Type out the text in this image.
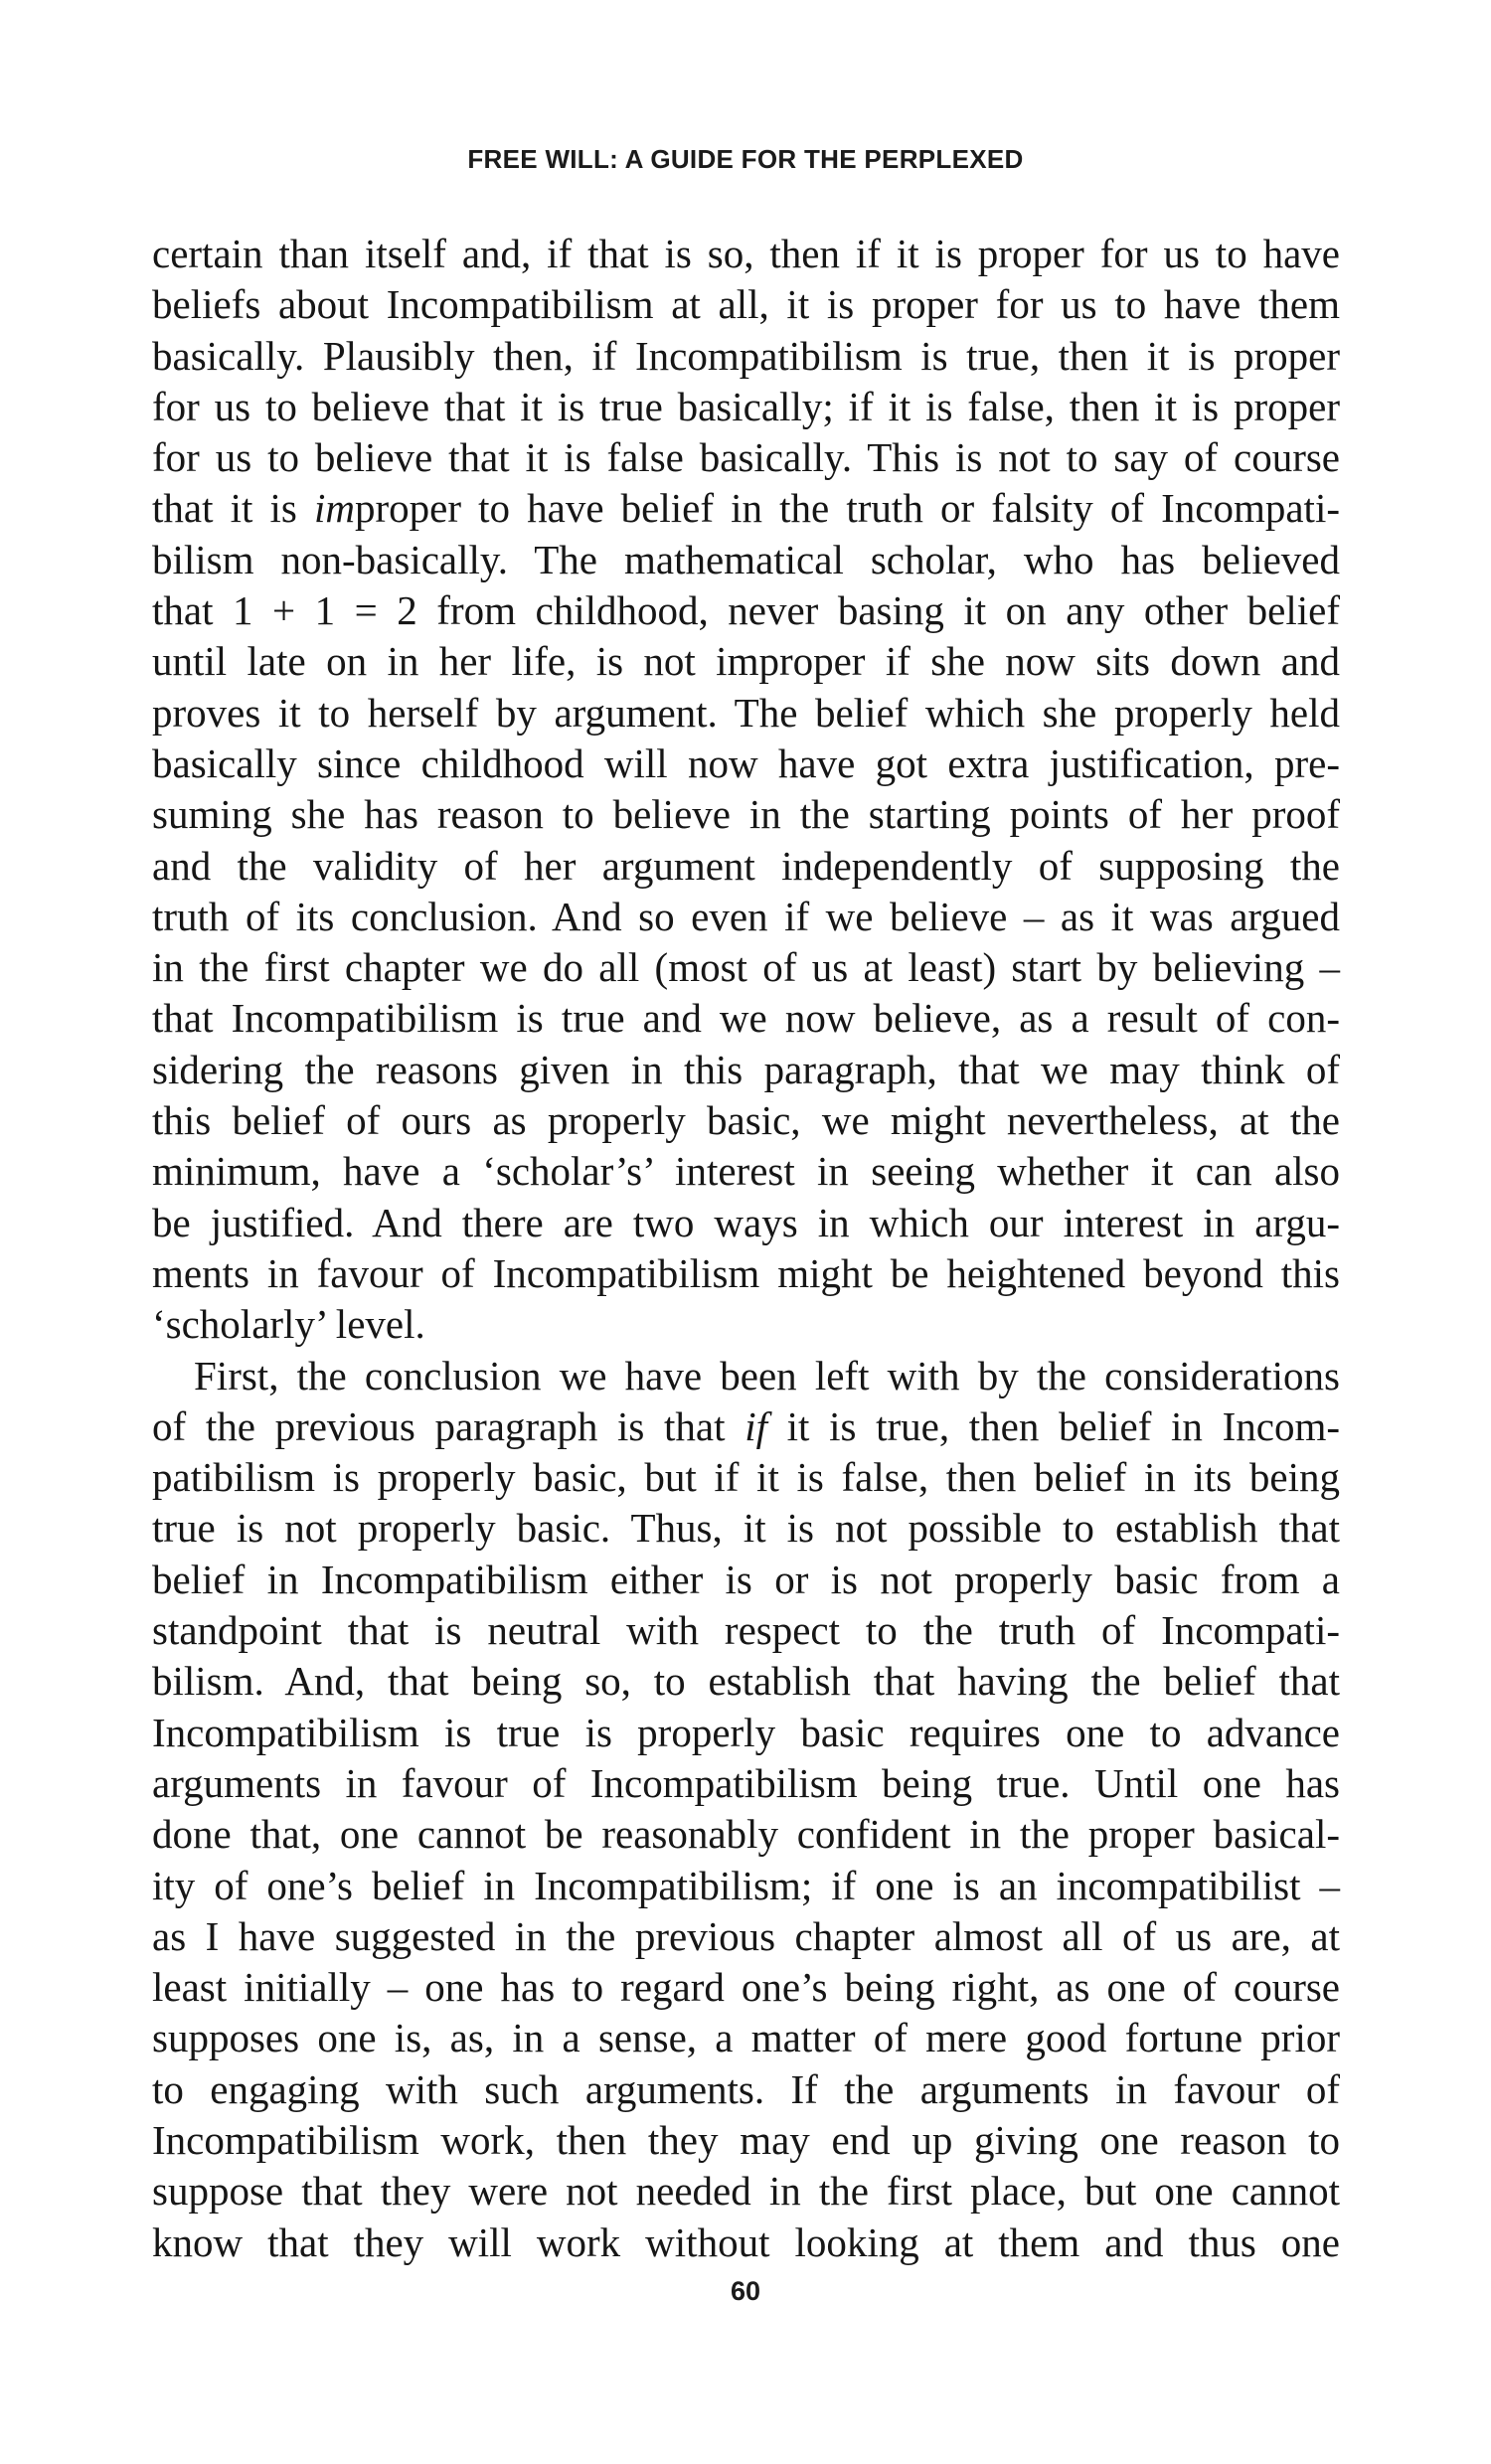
FREE WILL: A GUIDE FOR THE PERPLEXED
certain than itself and, if that is so, then if it is proper for us to have
beliefs about Incompatibilism at all, it is proper for us to have them
basically. Plausibly then, if Incompatibilism is true, then it is proper
for us to believe that it is true basically; if it is false, then it is proper
for us to believe that it is false basically. This is not to say of course
that it is improper to have belief in the truth or falsity of Incompati-
bilism non-basically. The mathematical scholar, who has believed
that 1 + 1 = 2 from childhood, never basing it on any other belief
until late on in her life, is not improper if she now sits down and
proves it to herself by argument. The belief which she properly held
basically since childhood will now have got extra justification, pre-
suming she has reason to believe in the starting points of her proof
and the validity of her argument independently of supposing the
truth of its conclusion. And so even if we believe – as it was argued
in the first chapter we do all (most of us at least) start by believing –
that Incompatibilism is true and we now believe, as a result of con-
sidering the reasons given in this paragraph, that we may think of
this belief of ours as properly basic, we might nevertheless, at the
minimum, have a ‘scholar’s’ interest in seeing whether it can also
be justified. And there are two ways in which our interest in argu-
ments in favour of Incompatibilism might be heightened beyond this
‘scholarly’ level.
First, the conclusion we have been left with by the considerations
of the previous paragraph is that if it is true, then belief in Incom-
patibilism is properly basic, but if it is false, then belief in its being
true is not properly basic. Thus, it is not possible to establish that
belief in Incompatibilism either is or is not properly basic from a
standpoint that is neutral with respect to the truth of Incompati-
bilism. And, that being so, to establish that having the belief that
Incompatibilism is true is properly basic requires one to advance
arguments in favour of Incompatibilism being true. Until one has
done that, one cannot be reasonably confident in the proper basical-
ity of one’s belief in Incompatibilism; if one is an incompatibilist –
as I have suggested in the previous chapter almost all of us are, at
least initially – one has to regard one’s being right, as one of course
supposes one is, as, in a sense, a matter of mere good fortune prior
to engaging with such arguments. If the arguments in favour of
Incompatibilism work, then they may end up giving one reason to
suppose that they were not needed in the first place, but one cannot
know that they will work without looking at them and thus one
60
